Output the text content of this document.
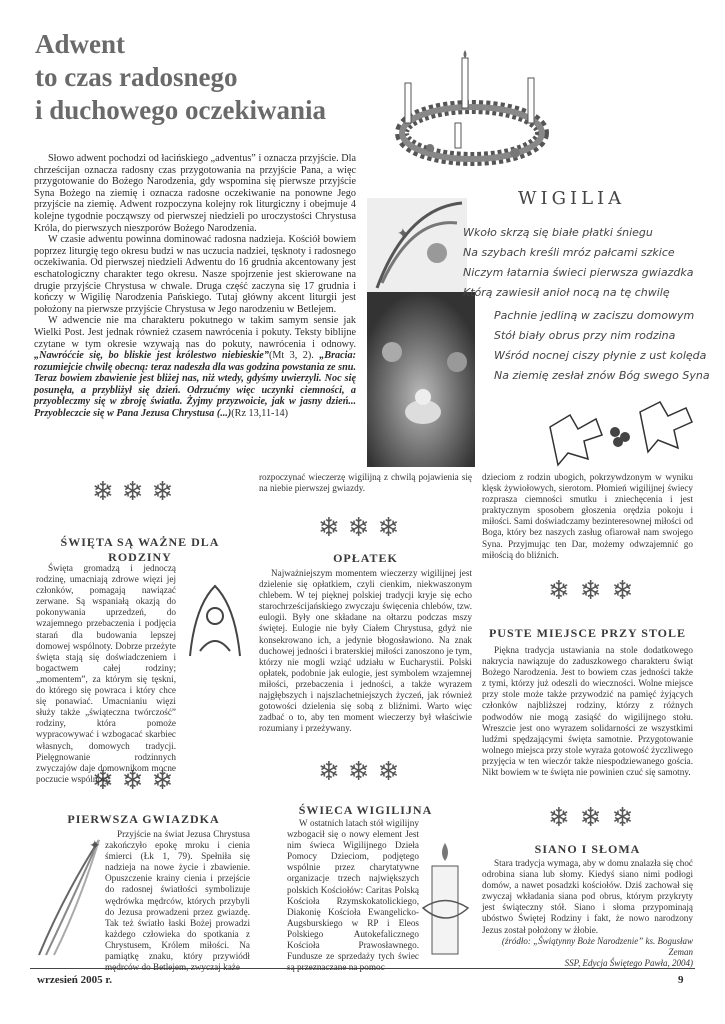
Adwent
to czas radosnego
i duchowego oczekiwania

Słowo adwent pochodzi od łacińskiego „adventus” i oznacza przyjście. Dla chrześcijan oznacza radosny czas przygotowania na przyjście Pana, a więc przygotowanie do Bożego Narodzenia, gdy wspomina się pierwsze przyjście Syna Bożego na ziemię i oznacza radosne oczekiwanie na ponowne Jego przyjście na ziemię. Adwent rozpoczyna kolejny rok liturgiczny i obejmuje 4 kolejne tygodnie począwszy od pierwszej niedzieli po uroczystości Chrystusa Króla, do pierwszych nieszporów Bożego Narodzenia.

W czasie adwentu powinna dominować radosna nadzieja. Kościół bowiem poprzez liturgię tego okresu budzi w nas uczucia nadziei, tęsknoty i radosnego oczekiwania. Od pierwszej niedzieli Adwentu do 16 grudnia akcentowany jest eschatologiczny charakter tego okresu. Nasze spojrzenie jest skierowane na drugie przyjście Chrystusa w chwale. Druga część zaczyna się 17 grudnia i kończy w Wigilię Narodzenia Pańskiego. Tutaj główny akcent liturgii jest położony na pierwsze przyjście Chrystusa w Jego narodzeniu w Betlejem.

W adwencie nie ma charakteru pokutnego w takim samym sensie jak Wielki Post. Jest jednak również czasem nawrócenia i pokuty. Teksty biblijne czytane w tym okresie wzywają nas do pokuty, nawrócenia i odnowy. „Nawróćcie się, bo bliskie jest królestwo niebieskie”(Mt 3, 2). „Bracia: rozumiejcie chwilę obecną: teraz nadeszła dla was godzina powstania ze snu. Teraz bowiem zbawienie jest bliżej nas, niż wtedy, gdyśmy uwierzyli. Noc się posunęła, a przybliżył się dzień. Odrzućmy więc uczynki ciemności, a przyobleczmy się w zbroję światła. Żyjmy przyzwoicie, jak w jasny dzień... Przyobleczcie się w Pana Jezusa Chrystusa (...)(Rz 13,11-14)

✦
WIGILIA
Wkoło skrzą się białe płatki śniegu
Na szybach kreśli mróz pałcami szkice
Niczym łatarnia świeci pierwsza gwiazdka
Którą zawiesił anioł nocą na tę chwilę
Pachnie jedliną w zaciszu domowym
Stół biały obrus przy nim rodzina
Wśród nocnej ciszy płynie z ust kolęda
Na ziemię zesłał znów Bóg swego Syna
❄❄❄
❄❄❄
❄❄❄
❄❄❄	❄❄❄
❄❄❄
ŚWIĘTA SĄ WAŻNE DLA RODZINY

Święta gromadzą i jednoczą rodzinę, umacniają zdrowe więzi jej członków, pomagają nawiązać zerwane. Są wspaniałą okazją do pokonywania uprzedzeń, do wzajemnego przebaczenia i podjęcia starań dla budowania lepszej domowej wspólnoty. Dobrze przeżyte święta stają się doświadczeniem i bogactwem całej rodziny; „momentem”, za którym się tęskni, do którego się powraca i który chce się ponawiać. Umacnianiu więzi służy także „świąteczna twórczość” rodziny, która pomoże wypracowywać i wzbogacać skarbiec własnych, domowych tradycji. Pielęgnowanie rodzinnych zwyczajów daje domownikom mocne poczucie wspólnoty.

PIERWSZA GWIAZDKA
✦

Przyjście na świat Jezusa Chrystusa zakończyło epokę mroku i cienia śmierci (Łk 1, 79). Spełniła się nadzieja na nowe życie i zbawienie. Opuszczenie krainy cienia i przejście do radosnej światłości symbolizuje wędrówka mędrców, których przybyli do Jezusa prowadzeni przez gwiazdę. Tak też światło łaski Bożej prowadzi każdego człowieka do spotkania z Chrystusem, Królem miłości. Na pamiątkę znaku, który przywiódł mędrców do Betlejem, zwyczaj każe

rozpoczynać wieczerzę wigilijną z chwilą pojawienia się na niebie pierwszej gwiazdy.

OPŁATEK

Najważniejszym momentem wieczerzy wigilijnej jest dzielenie się opłatkiem, czyli cienkim, niekwaszonym chlebem. W tej pięknej polskiej tradycji kryje się echo starochrześcijańskiego zwyczaju święcenia chlebów, tzw. eulogii. Były one składane na ołtarzu podczas mszy świętej. Eulogie nie były Ciałem Chrystusa, gdyż nie konsekrowano ich, a jedynie błogosławiono. Na znak duchowej jedności i braterskiej miłości zanoszono je tym, którzy nie mogli wziąć udziału w Eucharystii. Polski opłatek, podobnie jak eulogie, jest symbolem wzajemnej miłości, przebaczenia i jedności, a także wyrazem najgłębszych i najszlachetniejszych życzeń, jak również gotowości dzielenia się sobą z bliźnimi. Warto więc zadbać o to, aby ten moment wieczerzy był właściwie rozumiany i przeżywany.

ŚWIECA WIGILIJNA

W ostatnich latach stół wigilijny wzbogacił się o nowy element Jest nim świeca Wigilijnego Dzieła Pomocy Dzieciom, podjętego wspólnie przez charytatywne organizacje trzech największych polskich Kościołów: Caritas Polską Kościoła Rzymskokatolickiego, Diakonię Kościoła Ewangelicko-Augsburskiego w RP i Eleos Polskiego Autokefalicznego Kościoła Prawosławnego. Fundusze ze sprzedaży tych świec są przeznaczane na pomoc

dzieciom z rodzin ubogich, pokrzywdzonym w wyniku klęsk żywiołowych, sierotom. Płomień wigilijnej świecy rozprasza ciemności smutku i zniechęcenia i jest praktycznym sposobem głoszenia orędzia pokoju i miłości. Sami doświadczamy bezinteresownej miłości od Boga, który bez naszych zasług ofiarował nam swojego Syna. Przyjmując ten Dar, możemy odwzajemnić go miłością do bliźnich.

PUSTE MIEJSCE PRZY STOLE

Piękna tradycja ustawiania na stole dodatkowego nakrycia nawiązuje do zaduszkowego charakteru świąt Bożego Narodzenia. Jest to bowiem czas jedności także z tymi, którzy już odeszli do wieczności. Wolne miejsce przy stole może także przywodzić na pamięć żyjących członków najbliższej rodziny, którzy z różnych podwodów nie mogą zasiąść do wigilijnego stołu. Wreszcie jest ono wyrazem solidarności ze wszystkimi ludźmi spędzającymi święta samotnie. Przygotowanie wolnego miejsca przy stole wyraża gotowość życzliwego przyjęcia w ten wieczór także niespodziewanego gościa. Nikt bowiem w te święta nie powinien czuć się samotny.

SIANO I SŁOMA

Stara tradycja wymaga, aby w domu znalazła się choć odrobina siana lub słomy. Kiedyś siano nimi podłogi domów, a nawet posadzki kościołów. Dziś zachował się zwyczaj wkładania siana pod obrus, którym przykryty jest świąteczny stół. Siano i słoma przypominają ubóstwo Świętej Rodziny i fakt, że nowo narodzony Jezus został położony w żłobie.

(źródło: „Świątynny Boże Narodzenie” ks. Bogusław Zeman
SSP, Edycja Świętego Pawła, 2004)
wrzesień 2005 r.	9
